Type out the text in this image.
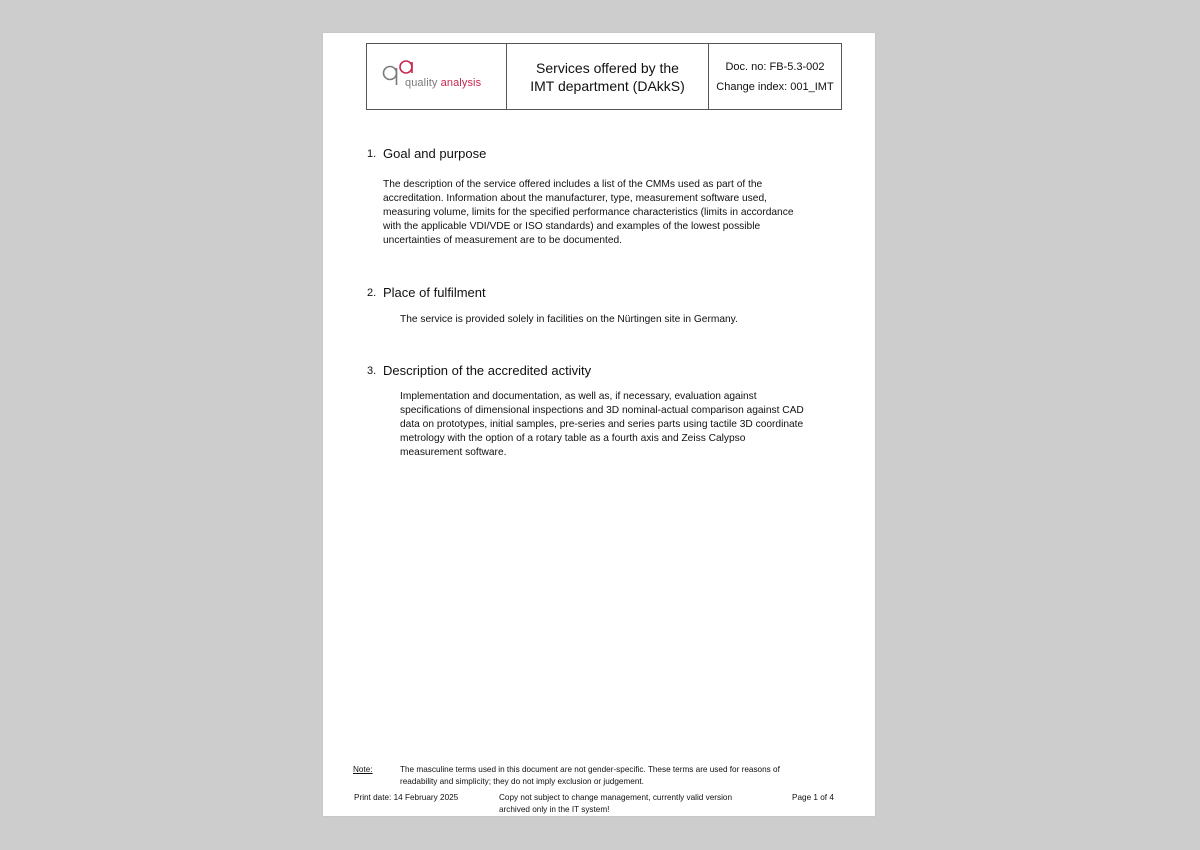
quality analysis
Services offered by the
IMT department (DAkkS)
Doc. no: FB-5.3-002
Change index: 001_IMT
1. Goal and purpose
The description of the service offered includes a list of the CMMs used as part of the
accreditation. Information about the manufacturer, type, measurement software used,
measuring volume, limits for the specified performance characteristics (limits in accordance
with the applicable VDI/VDE or ISO standards) and examples of the lowest possible
uncertainties of measurement are to be documented.
2. Place of fulfilment
The service is provided solely in facilities on the Nürtingen site in Germany.
3. Description of the accredited activity
Implementation and documentation, as well as, if necessary, evaluation against
specifications of dimensional inspections and 3D nominal-actual comparison against CAD
data on prototypes, initial samples, pre-series and series parts using tactile 3D coordinate
metrology with the option of a rotary table as a fourth axis and Zeiss Calypso
measurement software.
Note:	The masculine terms used in this document are not gender-specific. These terms are used for reasons of
readability and simplicity; they do not imply exclusion or judgement.
Print date: 14 February 2025	Copy not subject to change management, currently valid version
archived only in the IT system!
Page 1 of 4
